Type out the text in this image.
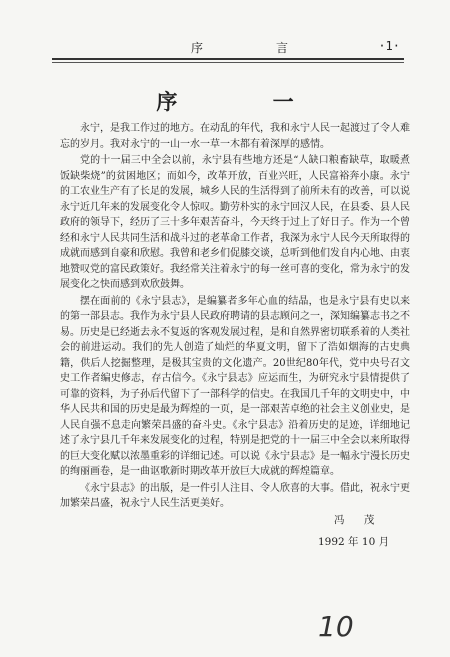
序	言	·1·
序 一

永宁，是我工作过的地方。在动乱的年代，我和永宁人民一起渡过了令人难忘的岁月。我对永宁的一山一水一草一木都有着深厚的感情。

党的十一届三中全会以前，永宁县有些地方还是“人缺口粮畜缺草，取暖煮饭缺柴烧”的贫困地区；而如今，改革开放，百业兴旺，人民富裕奔小康。永宁的工农业生产有了长足的发展，城乡人民的生活得到了前所未有的改善，可以说永宁近几年来的发展变化令人惊叹。勤劳朴实的永宁回汉人民，在县委、县人民政府的领导下，经历了三十多年艰苦奋斗，今天终于过上了好日子。作为一个曾经和永宁人民共同生活和战斗过的老革命工作者，我深为永宁人民今天所取得的成就而感到自豪和欣慰。我曾和老乡们促膝交谈，总听到他们发自内心地、由衷地赞叹党的富民政策好。我经常关注着永宁的每一丝可喜的变化，常为永宁的发展变化之快而感到欢欣鼓舞。

摆在面前的《永宁县志》，是编纂者多年心血的结晶，也是永宁县有史以来的第一部县志。我作为永宁县人民政府聘请的县志顾问之一，深知编纂志书之不易。历史是已经逝去永不复返的客观发展过程，是和自然界密切联系着的人类社会的前进运动。我们的先人创造了灿烂的华夏文明，留下了浩如烟海的古史典籍，供后人挖掘整理，是极其宝贵的文化遗产。20世纪80年代，党中央号召文史工作者编史修志，存古信今。《永宁县志》应运而生，为研究永宁县情提供了可靠的资料，为子孙后代留下了一部科学的信史。在我国几千年的文明史中，中华人民共和国的历史是最为辉煌的一页，是一部艰苦卓绝的社会主义创业史，是人民自强不息走向繁荣昌盛的奋斗史。《永宁县志》沿着历史的足迹，详细地记述了永宁县几千年来发展变化的过程，特别是把党的十一届三中全会以来所取得的巨大变化赋以浓墨重彩的详细记述。可以说《永宁县志》是一幅永宁漫长历史的绚丽画卷，是一曲讴歌新时期改革开放巨大成就的辉煌篇章。

《永宁县志》的出版，是一件引人注目、令人欣喜的大事。借此，祝永宁更加繁荣昌盛，祝永宁人民生活更美好。

冯 茂
1992 年 10 月
10
